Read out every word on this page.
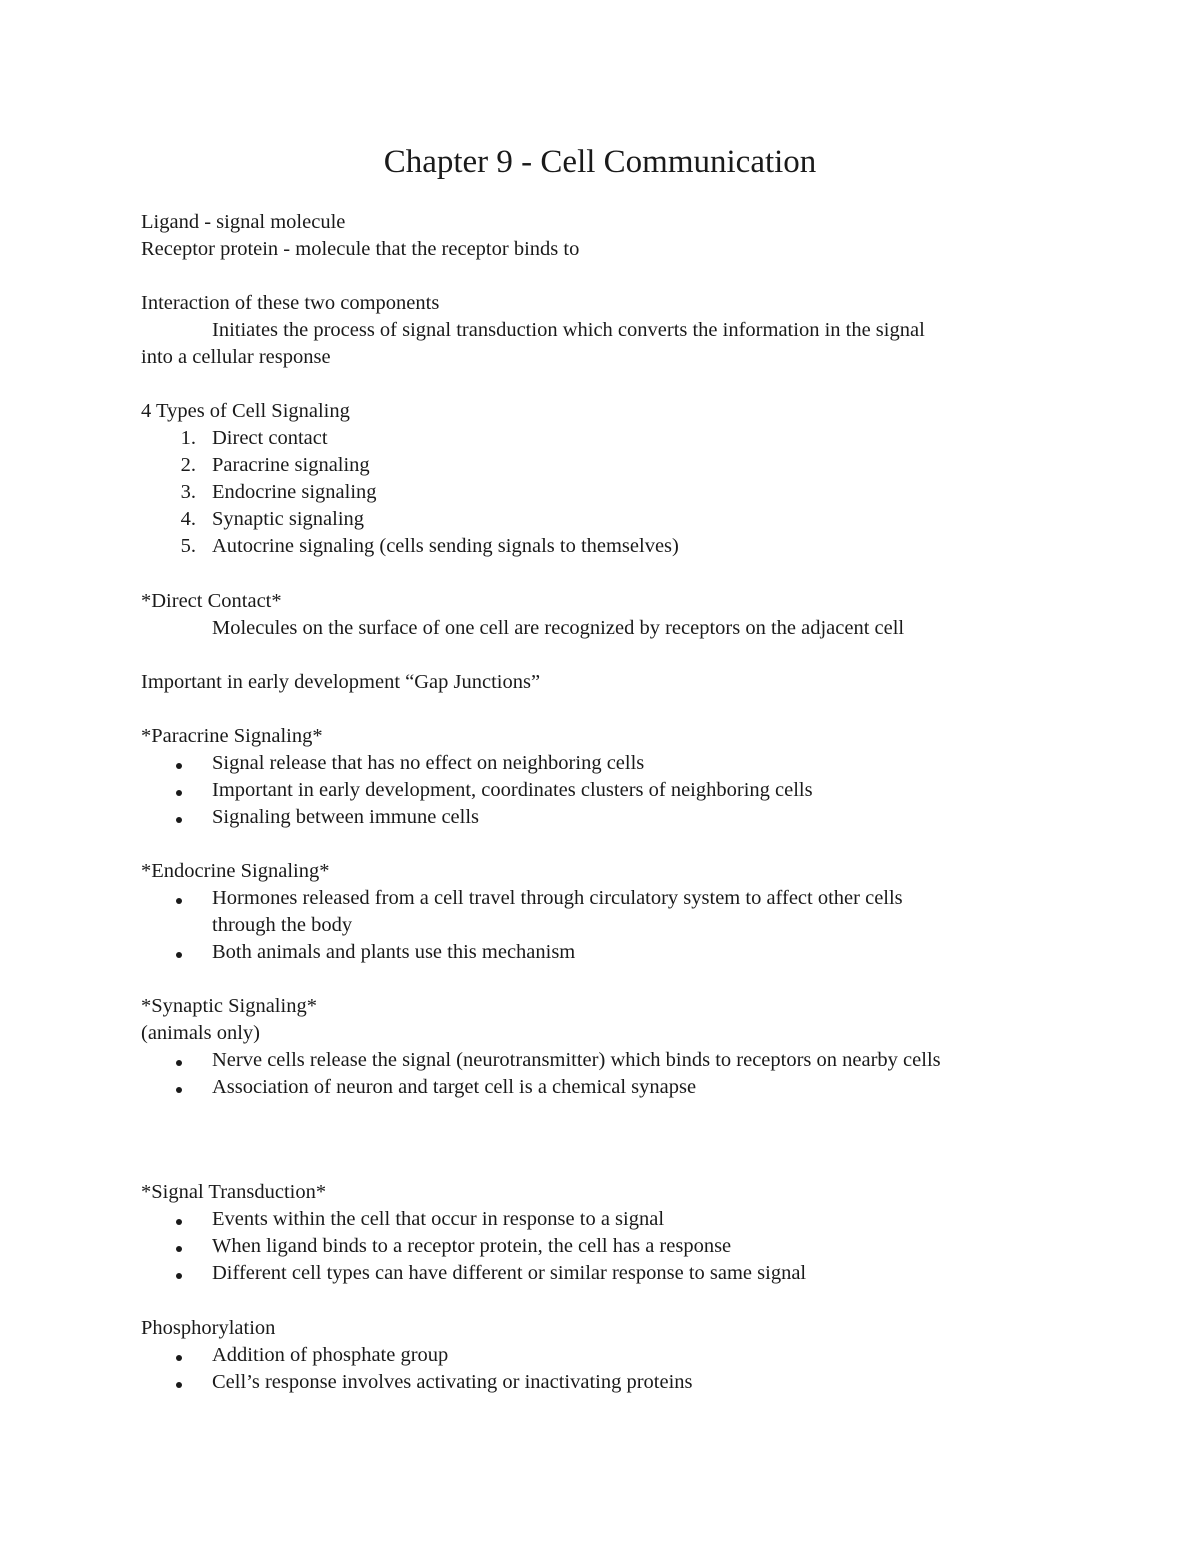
Chapter 9 - Cell Communication
Ligand - signal molecule
Receptor protein - molecule that the receptor binds to
Interaction of these two components
Initiates the process of signal transduction which converts the information in the signal
into a cellular response
4 Types of Cell Signaling
1. Direct contact
2. Paracrine signaling
3. Endocrine signaling
4. Synaptic signaling
5. Autocrine signaling (cells sending signals to themselves)
*Direct Contact*
Molecules on the surface of one cell are recognized by receptors on the adjacent cell
Important in early development “Gap Junctions”
*Paracrine Signaling*
Signal release that has no effect on neighboring cells
Important in early development, coordinates clusters of neighboring cells
Signaling between immune cells
*Endocrine Signaling*
Hormones released from a cell travel through circulatory system to affect other cells
through the body
Both animals and plants use this mechanism
*Synaptic Signaling*
(animals only)
Nerve cells release the signal (neurotransmitter) which binds to receptors on nearby cells
Association of neuron and target cell is a chemical synapse
*Signal Transduction*
Events within the cell that occur in response to a signal
When ligand binds to a receptor protein, the cell has a response
Different cell types can have different or similar response to same signal
Phosphorylation
Addition of phosphate group
Cell’s response involves activating or inactivating proteins
